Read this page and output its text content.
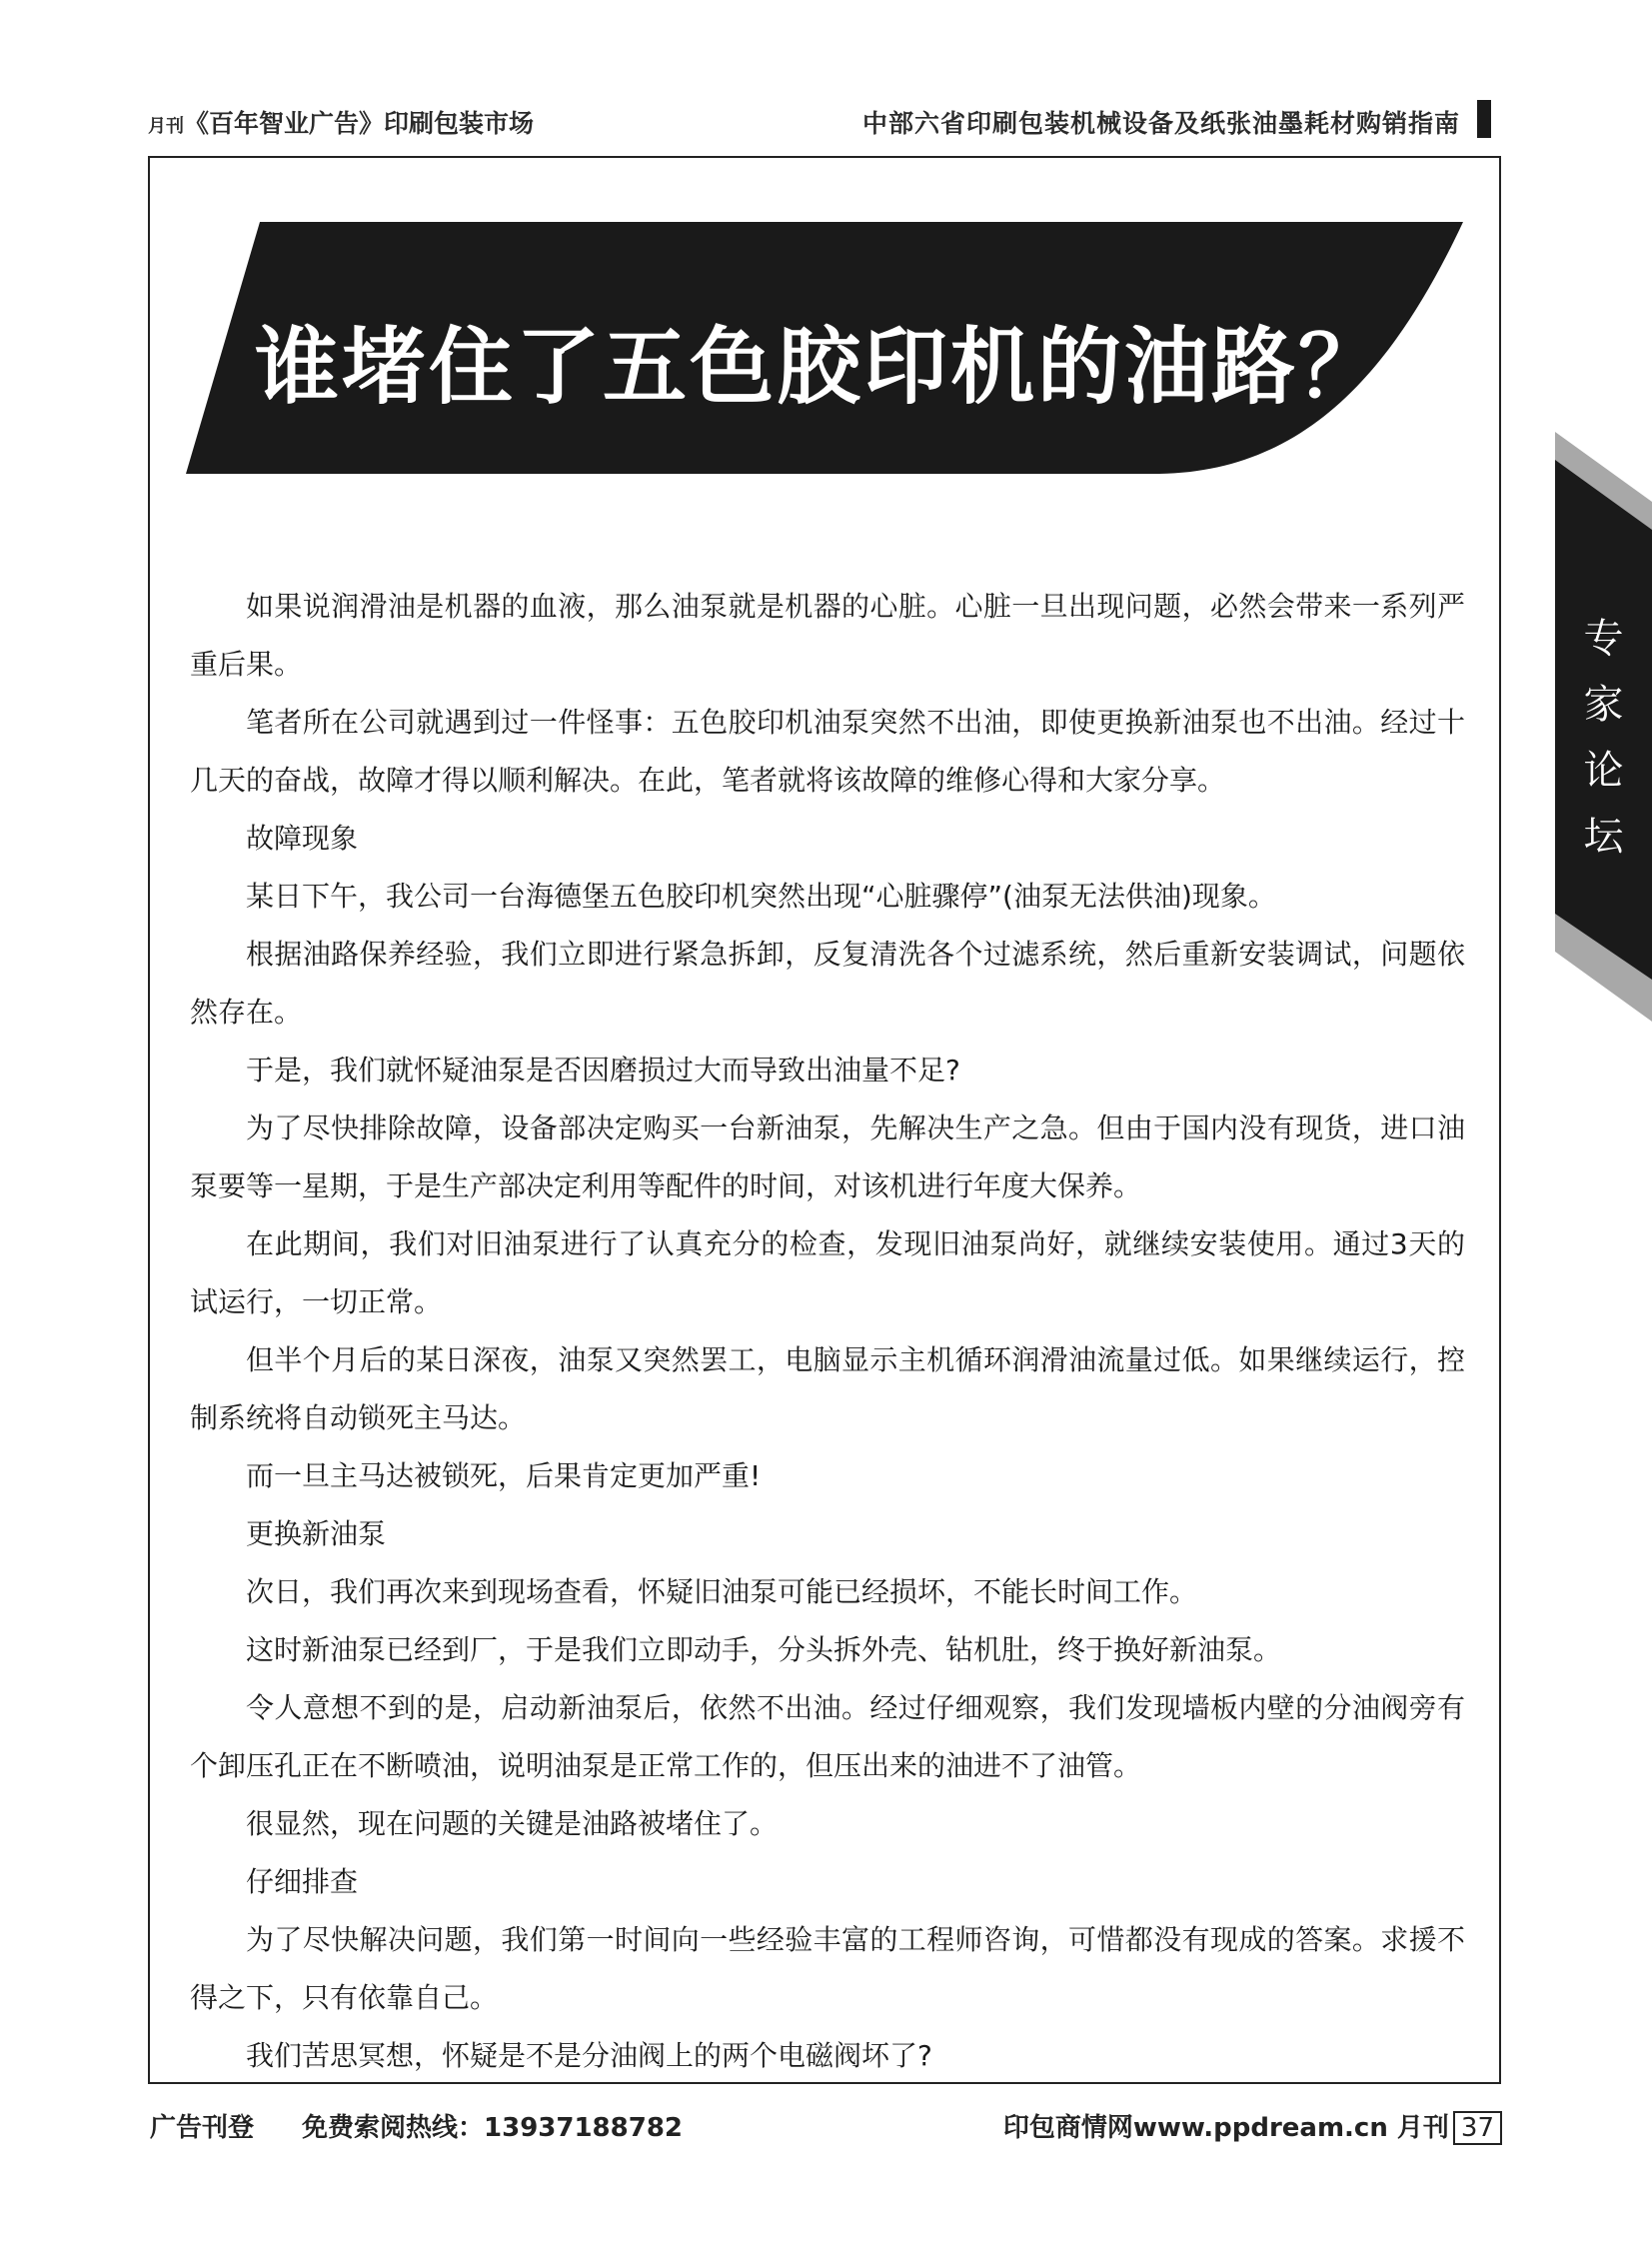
月刊《百年智业广告》印刷包装市场	中部六省印刷包装机械设备及纸张油墨耗材购销指南
谁堵住了五色胶印机的油路？
专
家
论
坛

如果说润滑油是机器的血液，那么油泵就是机器的心脏。心脏一旦出现问题，必然会带来一系列严重后果。

笔者所在公司就遇到过一件怪事：五色胶印机油泵突然不出油，即使更换新油泵也不出油。经过十几天的奋战，故障才得以顺利解决。在此，笔者就将该故障的维修心得和大家分享。

故障现象

某日下午，我公司一台海德堡五色胶印机突然出现“心脏骤停”(油泵无法供油)现象。

根据油路保养经验，我们立即进行紧急拆卸，反复清洗各个过滤系统，然后重新安装调试，问题依然存在。

于是，我们就怀疑油泵是否因磨损过大而导致出油量不足?

为了尽快排除故障，设备部决定购买一台新油泵，先解决生产之急。但由于国内没有现货，进口油泵要等一星期，于是生产部决定利用等配件的时间，对该机进行年度大保养。

在此期间，我们对旧油泵进行了认真充分的检查，发现旧油泵尚好，就继续安装使用。通过3天的试运行，一切正常。

但半个月后的某日深夜，油泵又突然罢工，电脑显示主机循环润滑油流量过低。如果继续运行，控制系统将自动锁死主马达。

而一旦主马达被锁死，后果肯定更加严重!

更换新油泵

次日，我们再次来到现场查看，怀疑旧油泵可能已经损坏，不能长时间工作。

这时新油泵已经到厂，于是我们立即动手，分头拆外壳、钻机肚，终于换好新油泵。

令人意想不到的是，启动新油泵后，依然不出油。经过仔细观察，我们发现墙板内壁的分油阀旁有个卸压孔正在不断喷油，说明油泵是正常工作的，但压出来的油进不了油管。

很显然，现在问题的关键是油路被堵住了。

仔细排查

为了尽快解决问题，我们第一时间向一些经验丰富的工程师咨询，可惜都没有现成的答案。求援不得之下，只有依靠自己。

我们苦思冥想，怀疑是不是分油阀上的两个电磁阀坏了?

广告刊登 免费索阅热线：13937188782	印包商情网www.ppdream.cn 月刊 37
